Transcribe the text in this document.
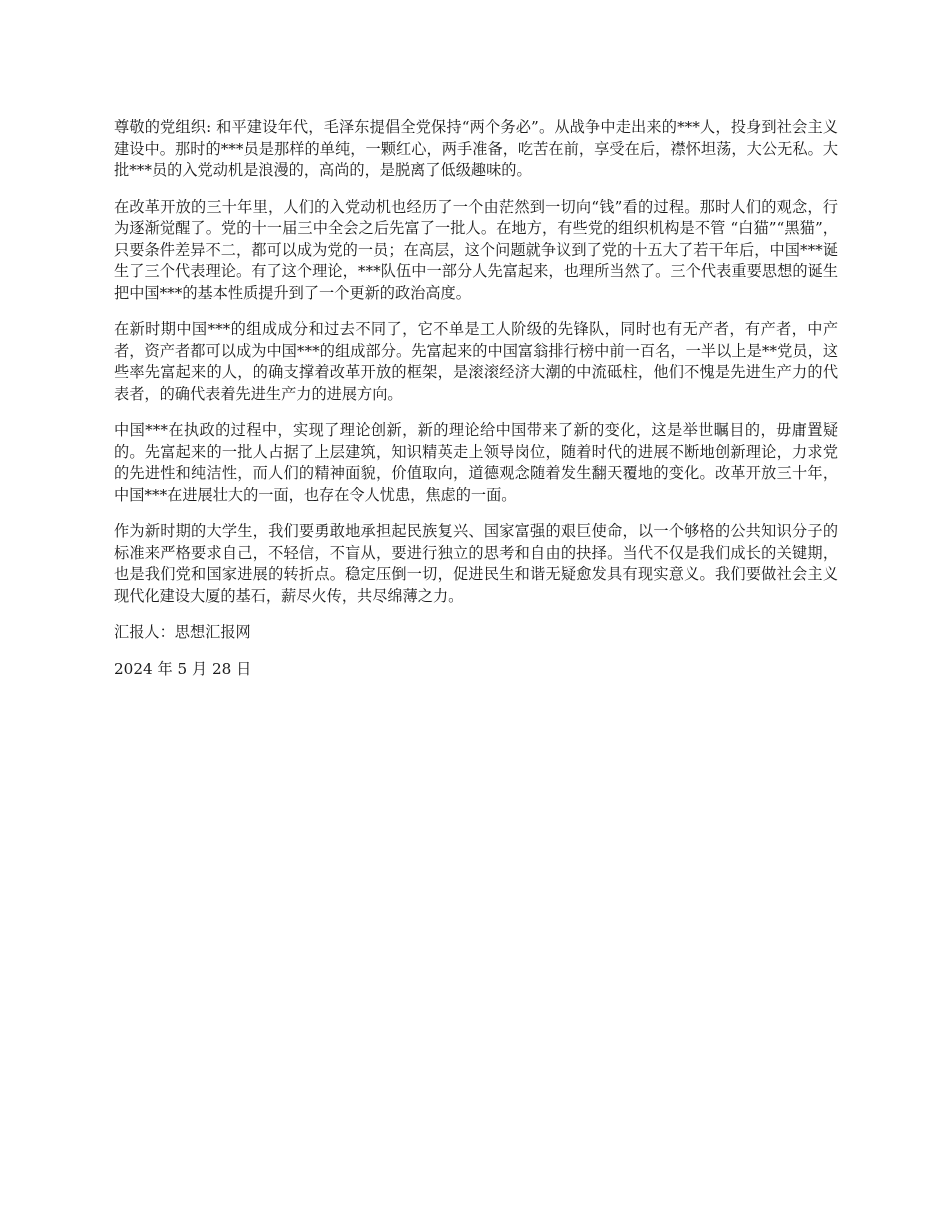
尊敬的党组织: 和平建设年代，毛泽东提倡全党保持“两个务必”。从战争中走出来的***人，投身到社会主义建设中。那时的***员是那样的单纯，一颗红心，两手准备，吃苦在前，享受在后，襟怀坦荡，大公无私。大批***员的入党动机是浪漫的，高尚的，是脱离了低级趣味的。

在改革开放的三十年里，人们的入党动机也经历了一个由茫然到一切向“钱”看的过程。那时人们的观念，行为逐渐觉醒了。党的十一届三中全会之后先富了一批人。在地方，有些党的组织机构是不管 “白猫”“黑猫”，只要条件差异不二，都可以成为党的一员；在高层，这个问题就争议到了党的十五大了若干年后，中国***诞生了三个代表理论。有了这个理论，***队伍中一部分人先富起来，也理所当然了。三个代表重要思想的诞生把中国***的基本性质提升到了一个更新的政治高度。

在新时期中国***的组成成分和过去不同了，它不单是工人阶级的先锋队，同时也有无产者，有产者，中产者，资产者都可以成为中国***的组成部分。先富起来的中国富翁排行榜中前一百名，一半以上是**党员，这些率先富起来的人，的确支撑着改革开放的框架，是滚滚经济大潮的中流砥柱，他们不愧是先进生产力的代表者，的确代表着先进生产力的进展方向。

中国***在执政的过程中，实现了理论创新，新的理论给中国带来了新的变化，这是举世瞩目的，毋庸置疑的。先富起来的一批人占据了上层建筑，知识精英走上领导岗位，随着时代的进展不断地创新理论，力求党的先进性和纯洁性，而人们的精神面貌，价值取向，道德观念随着发生翻天覆地的变化。改革开放三十年，中国***在进展壮大的一面，也存在令人忧患，焦虑的一面。

作为新时期的大学生，我们要勇敢地承担起民族复兴、国家富强的艰巨使命，以一个够格的公共知识分子的标准来严格要求自己，不轻信，不盲从，要进行独立的思考和自由的抉择。当代不仅是我们成长的关键期，也是我们党和国家进展的转折点。稳定压倒一切，促进民生和谐无疑愈发具有现实意义。我们要做社会主义现代化建设大厦的基石，薪尽火传，共尽绵薄之力。

汇报人：思想汇报网

2024 年 5 月 28 日
